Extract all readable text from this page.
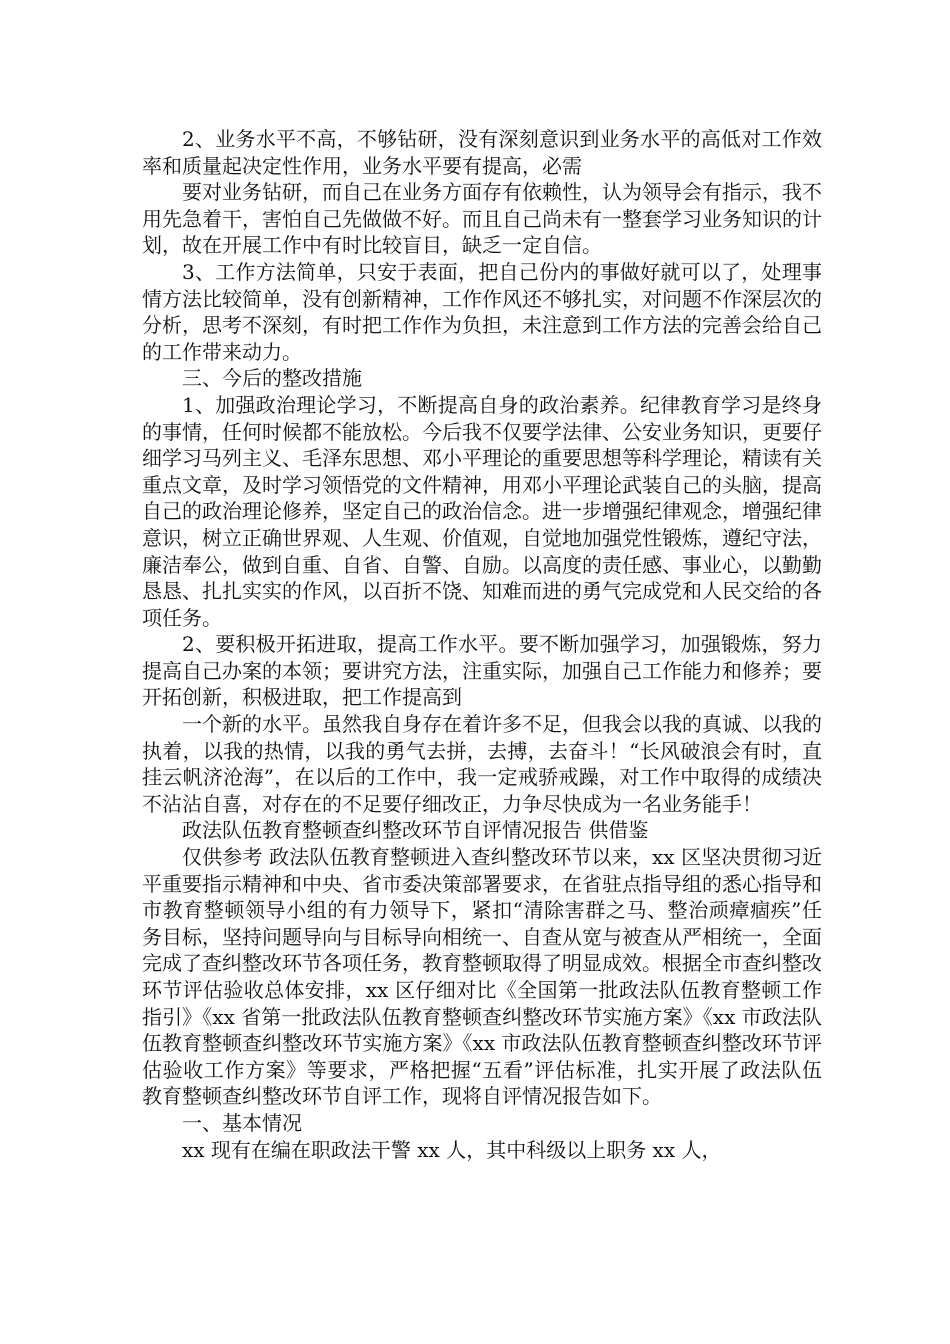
2、业务水平不高，不够钻研，没有深刻意识到业务水平的高低对工作效率和质量起决定性作用，业务水平要有提高，必需

要对业务钻研，而自己在业务方面存有依赖性，认为领导会有指示，我不用先急着干，害怕自己先做做不好。而且自己尚未有一整套学习业务知识的计划，故在开展工作中有时比较盲目，缺乏一定自信。

3、工作方法简单，只安于表面，把自己份内的事做好就可以了，处理事情方法比较简单，没有创新精神，工作作风还不够扎实，对问题不作深层次的分析，思考不深刻，有时把工作作为负担，未注意到工作方法的完善会给自己的工作带来动力。

三、今后的整改措施

1、加强政治理论学习，不断提高自身的政治素养。纪律教育学习是终身的事情，任何时候都不能放松。今后我不仅要学法律、公安业务知识，更要仔细学习马列主义、毛泽东思想、邓小平理论的重要思想等科学理论，精读有关重点文章，及时学习领悟党的文件精神，用邓小平理论武装自己的头脑，提高自己的政治理论修养，坚定自己的政治信念。进一步增强纪律观念，增强纪律意识，树立正确世界观、人生观、价值观，自觉地加强党性锻炼，遵纪守法，廉洁奉公，做到自重、自省、自警、自励。以高度的责任感、事业心，以勤勤恳恳、扎扎实实的作风，以百折不饶、知难而进的勇气完成党和人民交给的各项任务。

2、要积极开拓进取，提高工作水平。要不断加强学习，加强锻炼，努力提高自己办案的本领；要讲究方法，注重实际，加强自己工作能力和修养；要开拓创新，积极进取，把工作提高到

一个新的水平。虽然我自身存在着许多不足，但我会以我的真诚、以我的执着，以我的热情，以我的勇气去拼，去搏，去奋斗！“长风破浪会有时，直挂云帆济沧海”，在以后的工作中，我一定戒骄戒躁，对工作中取得的成绩决不沾沾自喜，对存在的不足要仔细改正，力争尽快成为一名业务能手！

政法队伍教育整顿查纠整改环节自评情况报告 供借鉴

仅供参考 政法队伍教育整顿进入查纠整改环节以来，xx 区坚决贯彻习近平重要指示精神和中央、省市委决策部署要求，在省驻点指导组的悉心指导和市教育整顿领导小组的有力领导下，紧扣“清除害群之马、整治顽瘴痼疾”任务目标，坚持问题导向与目标导向相统一、自查从宽与被查从严相统一，全面完成了查纠整改环节各项任务，教育整顿取得了明显成效。根据全市查纠整改环节评估验收总体安排，xx 区仔细对比《全国第一批政法队伍教育整顿工作指引》《xx 省第一批政法队伍教育整顿查纠整改环节实施方案》《xx 市政法队伍教育整顿查纠整改环节实施方案》《xx 市政法队伍教育整顿查纠整改环节评估验收工作方案》等要求，严格把握“五看”评估标准，扎实开展了政法队伍教育整顿查纠整改环节自评工作，现将自评情况报告如下。

一、基本情况

xx 现有在编在职政法干警 xx 人，其中科级以上职务 xx 人，
